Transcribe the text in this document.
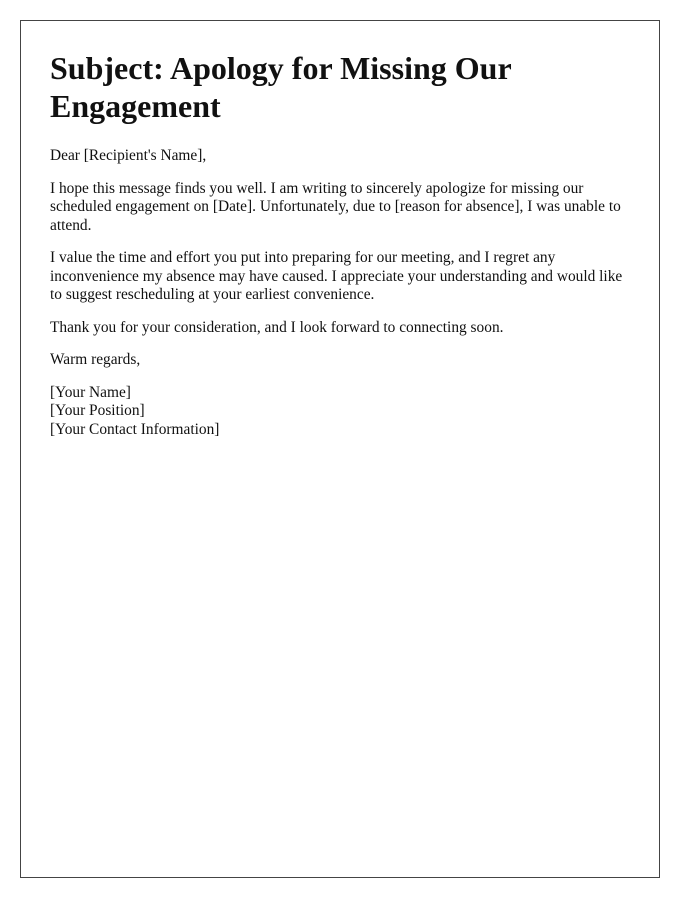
Subject: Apology for Missing Our Engagement

Dear [Recipient's Name],

I hope this message finds you well. I am writing to sincerely apologize for missing our scheduled engagement on [Date]. Unfortunately, due to [reason for absence], I was unable to attend.

I value the time and effort you put into preparing for our meeting, and I regret any inconvenience my absence may have caused. I appreciate your understanding and would like to suggest rescheduling at your earliest convenience.

Thank you for your consideration, and I look forward to connecting soon.

Warm regards,

[Your Name]
[Your Position]
[Your Contact Information]
